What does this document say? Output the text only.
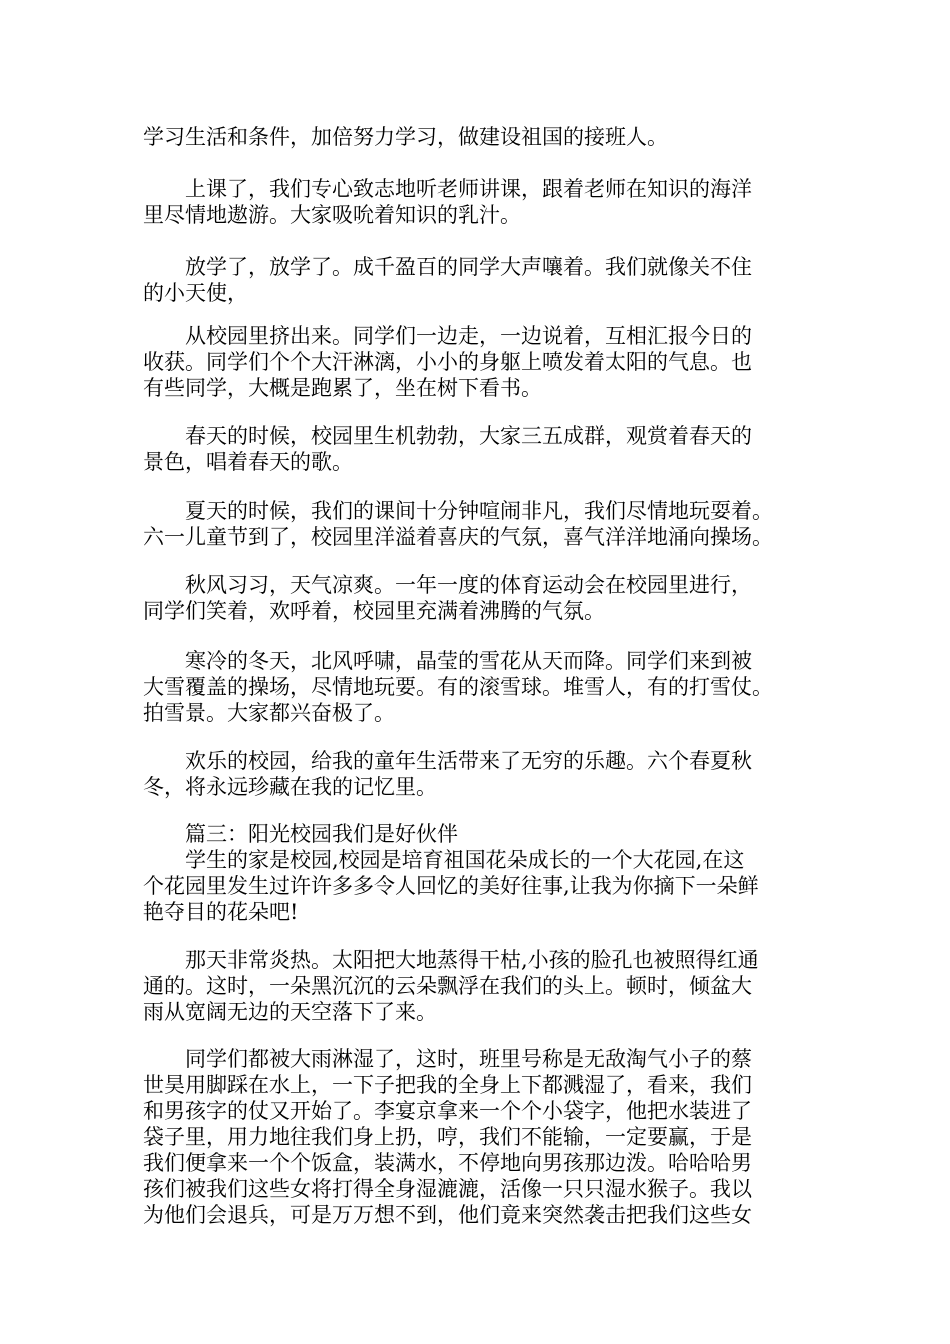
学习生活和条件，加倍努力学习，做建设祖国的接班人。
　　上课了，我们专心致志地听老师讲课，跟着老师在知识的海洋
里尽情地遨游。大家吸吮着知识的乳汁。
　　放学了，放学了。成千盈百的同学大声嚷着。我们就像关不住
的小天使，
　　从校园里挤出来。同学们一边走，一边说着，互相汇报今日的
收获。同学们个个大汗淋漓，小小的身躯上喷发着太阳的气息。也
有些同学，大概是跑累了，坐在树下看书。
　　春天的时候，校园里生机勃勃，大家三五成群，观赏着春天的
景色，唱着春天的歌。
　　夏天的时候，我们的课间十分钟喧闹非凡，我们尽情地玩耍着。
六一儿童节到了，校园里洋溢着喜庆的气氛，喜气洋洋地涌向操场。
　　秋风习习，天气凉爽。一年一度的体育运动会在校园里进行，
同学们笑着，欢呼着，校园里充满着沸腾的气氛。
　　寒冷的冬天，北风呼啸，晶莹的雪花从天而降。同学们来到被
大雪覆盖的操场，尽情地玩要。有的滚雪球。堆雪人，有的打雪仗。
拍雪景。大家都兴奋极了。
　　欢乐的校园，给我的童年生活带来了无穷的乐趣。六个春夏秋
冬，将永远珍藏在我的记忆里。
　　篇三：阳光校园我们是好伙伴
　　学生的家是校园,校园是培育祖国花朵成长的一个大花园,在这
个花园里发生过许许多多令人回忆的美好往事,让我为你摘下一朵鲜
艳夺目的花朵吧!
　　那天非常炎热。太阳把大地蒸得干枯,小孩的脸孔也被照得红通
通的。这时，一朵黑沉沉的云朵飘浮在我们的头上。顿时，倾盆大
雨从宽阔无边的天空落下了来。
　　同学们都被大雨淋湿了，这时，班里号称是无敌淘气小子的蔡
世昊用脚踩在水上，一下子把我的全身上下都溅湿了，看来，我们
和男孩字的仗又开始了。李宴京拿来一个个小袋字，他把水装进了
袋子里，用力地往我们身上扔，哼，我们不能输，一定要赢，于是
我们便拿来一个个饭盒，装满水，不停地向男孩那边泼。哈哈哈男
孩们被我们这些女将打得全身湿漉漉，活像一只只湿水猴子。我以
为他们会退兵，可是万万想不到，他们竟来突然袭击把我们这些女
